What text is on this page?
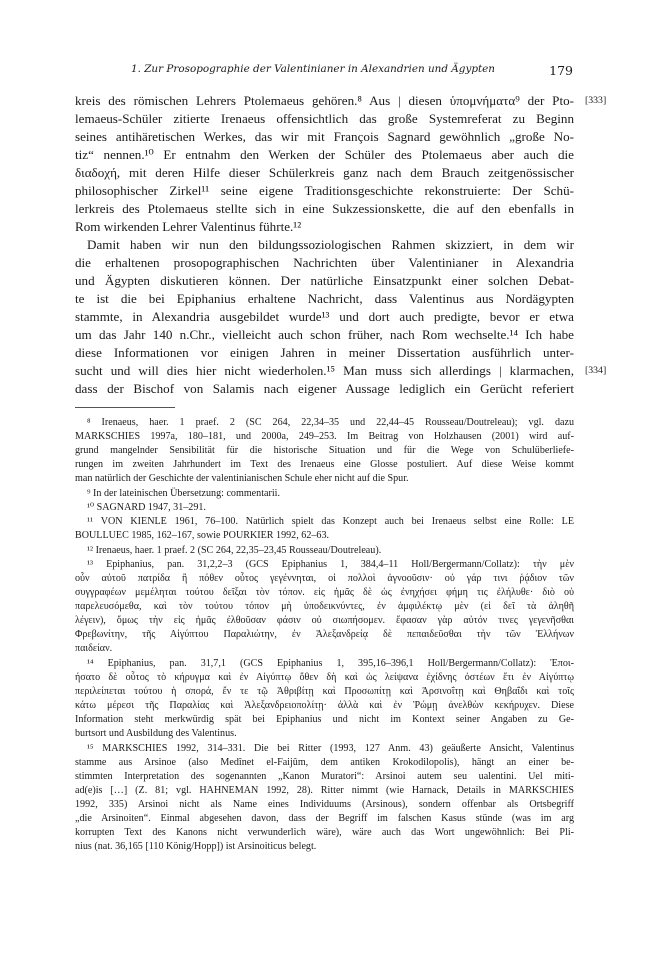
1. Zur Prosopographie der Valentinianer in Alexandrien und Ägypten	179
kreis des römischen Lehrers Ptolemaeus gehören.⁸ Aus | diesen ὑπομνήματα⁹ der Pto-
lemaeus-Schüler zitierte Irenaeus offensichtlich das große Systemreferat zu Beginn
seines antihäretischen Werkes, das wir mit François Sagnard gewöhnlich „große No-
tiz“ nennen.¹⁰ Er entnahm den Werken der Schüler des Ptolemaeus aber auch die
διαδοχή, mit deren Hilfe dieser Schülerkreis ganz nach dem Brauch zeitgenössischer
philosophischer Zirkel¹¹ seine eigene Traditionsgeschichte rekonstruierte: Der Schü-
lerkreis des Ptolemaeus stellte sich in eine Sukzessionskette, die auf den ebenfalls in
Rom wirkenden Lehrer Valentinus führte.¹²
Damit haben wir nun den bildungssoziologischen Rahmen skizziert, in dem wir
die erhaltenen prosopographischen Nachrichten über Valentinianer in Alexandria
und Ägypten diskutieren können. Der natürliche Einsatzpunkt einer solchen Debat-
te ist die bei Epiphanius erhaltene Nachricht, dass Valentinus aus Nordägypten
stammte, in Alexandria ausgebildet wurde¹³ und dort auch predigte, bevor er etwa
um das Jahr 140 n.Chr., vielleicht auch schon früher, nach Rom wechselte.¹⁴ Ich habe
diese Informationen vor einigen Jahren in meiner Dissertation ausführlich unter-
sucht und will dies hier nicht wiederholen.¹⁵ Man muss sich allerdings | klarmachen,
dass der Bischof von Salamis nach eigener Aussage lediglich ein Gerücht referiert
[333]
[334]
⁸ Irenaeus, haer. 1 praef. 2 (SC 264, 22,34–35 und 22,44–45 Rousseau/Doutreleau); vgl. dazu
MARKSCHIES 1997a, 180–181, und 2000a, 249–253. Im Beitrag von Holzhausen (2001) wird auf-
grund mangelnder Sensibilität für die historische Situation und für die Wege von Schulüberliefe-
rungen im zweiten Jahrhundert im Text des Irenaeus eine Glosse postuliert. Auf diese Weise kommt
man natürlich der Geschichte der valentinianischen Schule eher nicht auf die Spur.
⁹ In der lateinischen Übersetzung: commentarii.
¹⁰ SAGNARD 1947, 31–291.
¹¹ VON KIENLE 1961, 76–100. Natürlich spielt das Konzept auch bei Irenaeus selbst eine Rolle: LE
BOULLUEC 1985, 162–167, sowie POURKIER 1992, 62–63.
¹² Irenaeus, haer. 1 praef. 2 (SC 264, 22,35–23,45 Rousseau/Doutreleau).
¹³ Epiphanius, pan. 31,2,2–3 (GCS Epiphanius 1, 384,4–11 Holl/Bergermann/Collatz): τὴν μὲν
οὖν αὐτοῦ πατρίδα ἢ πόθεν οὗτος γεγέννηται, οἱ πολλοὶ ἀγνοοῦσιν· οὐ γάρ τινι ῥᾴδιον τῶν
συγγραφέων μεμέληται τούτου δεῖξαι τὸν τόπον. εἰς ἡμᾶς δὲ ὡς ἐνηχήσει φήμη τις ἐλήλυθε· διὸ οὐ
παρελευσόμεθα, καὶ τὸν τούτου τόπον μὴ ὑποδεικνύντες, ἐν ἀμφιλέκτῳ μὲν (εἰ δεῖ τὰ ἀληθῆ
λέγειν), ὅμως τὴν εἰς ἡμᾶς ἐλθοῦσαν φάσιν οὐ σιωπήσομεν. ἔφασαν γὰρ αὐτόν τινες γεγενῆσθαι
Φρεβωνίτην, τῆς Αἰγύπτου Παραλιώτην, ἐν Ἀλεξανδρείᾳ δὲ πεπαιδεῦσθαι τὴν τῶν Ἑλλήνων
παιδείαν.
¹⁴ Epiphanius, pan. 31,7,1 (GCS Epiphanius 1, 395,16–396,1 Holl/Bergermann/Collatz): Ἐποι-
ήσατο δὲ οὗτος τὸ κήρυγμα καὶ ἐν Αἰγύπτῳ ὅθεν δὴ καὶ ὡς λείψανα ἐχίδνης ὀστέων ἔτι ἐν Αἰγύπτῳ
περιλείπεται τούτου ἡ σπορά, ἔν τε τῷ Ἀθριβίτῃ καὶ Προσωπίτῃ καὶ Ἀρσινοΐτῃ καὶ Θηβαΐδι καὶ τοῖς
κάτω μέρεσι τῆς Παραλίας καὶ Ἀλεξανδρειοπολίτῃ· ἀλλὰ καὶ ἐν Ῥώμῃ ἀνελθὼν κεκήρυχεν. Diese
Information steht merkwürdig spät bei Epiphanius und nicht im Kontext seiner Angaben zu Ge-
burtsort und Ausbildung des Valentinus.
¹⁵ MARKSCHIES 1992, 314–331. Die bei Ritter (1993, 127 Anm. 43) geäußerte Ansicht, Valentinus
stamme aus Arsinoe (also Medînet el-Faijûm, dem antiken Krokodilopolis), hängt an einer be-
stimmten Interpretation des sogenannten „Kanon Muratori“: Arsinoi autem seu ualentini. Uel miti-
ad(e)is […] (Z. 81; vgl. HAHNEMAN 1992, 28). Ritter nimmt (wie Harnack, Details in MARKSCHIES
1992, 335) Arsinoi nicht als Name eines Individuums (Arsinous), sondern offenbar als Ortsbegriff
„die Arsinoiten“. Einmal abgesehen davon, dass der Begriff im falschen Kasus stünde (was im arg
korrupten Text des Kanons nicht verwunderlich wäre), wäre auch das Wort ungewöhnlich: Bei Pli-
nius (nat. 36,165 [110 König/Hopp]) ist Arsinoiticus belegt.
